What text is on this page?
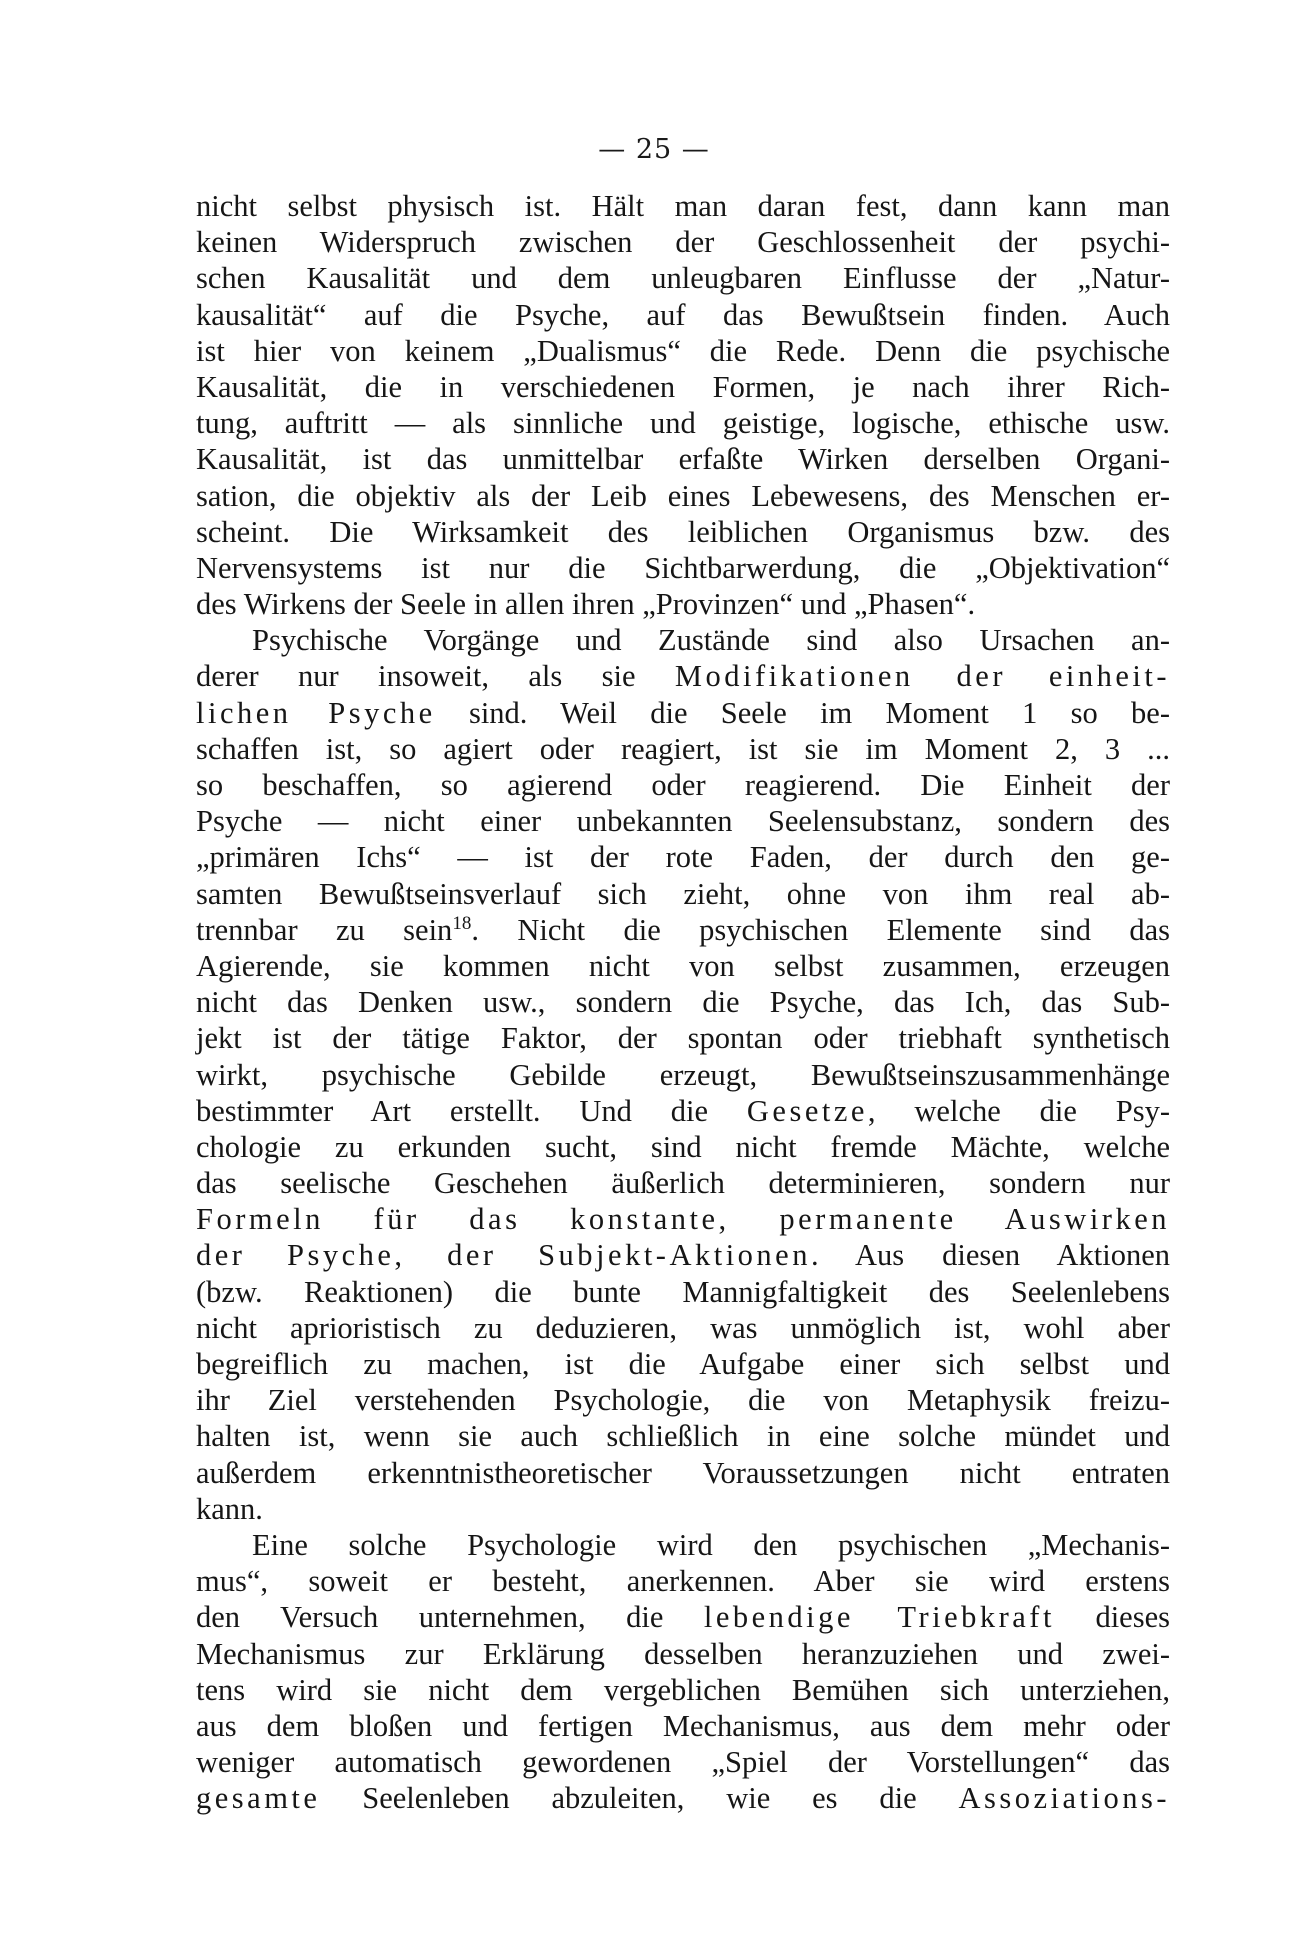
— 25 —
nicht selbst physisch ist. Hält man daran fest, dann kann man
keinen Widerspruch zwischen der Geschlossenheit der psychi-
schen Kausalität und dem unleugbaren Einflusse der „Natur-
kausalität“ auf die Psyche, auf das Bewußtsein finden. Auch
ist hier von keinem „Dualismus“ die Rede. Denn die psychische
Kausalität, die in verschiedenen Formen, je nach ihrer Rich-
tung, auftritt — als sinnliche und geistige, logische, ethische usw.
Kausalität, ist das unmittelbar erfaßte Wirken derselben Organi-
sation, die objektiv als der Leib eines Lebewesens, des Menschen er-
scheint. Die Wirksamkeit des leiblichen Organismus bzw. des
Nervensystems ist nur die Sichtbarwerdung, die „Objektivation“
des Wirkens der Seele in allen ihren „Provinzen“ und „Phasen“.
Psychische Vorgänge und Zustände sind also Ursachen an-
derer nur insoweit, als sie Modifikationen der einheit-
lichen Psyche sind. Weil die Seele im Moment 1 so be-
schaffen ist, so agiert oder reagiert, ist sie im Moment 2, 3 ...
so beschaffen, so agierend oder reagierend. Die Einheit der
Psyche — nicht einer unbekannten Seelensubstanz, sondern des
„primären Ichs“ — ist der rote Faden, der durch den ge-
samten Bewußtseinsverlauf sich zieht, ohne von ihm real ab-
trennbar zu sein$^{18}$. Nicht die psychischen Elemente sind das
Agierende, sie kommen nicht von selbst zusammen, erzeugen
nicht das Denken usw., sondern die Psyche, das Ich, das Sub-
jekt ist der tätige Faktor, der spontan oder triebhaft synthetisch
wirkt, psychische Gebilde erzeugt, Bewußtseinszusammenhänge
bestimmter Art erstellt. Und die Gesetze, welche die Psy-
chologie zu erkunden sucht, sind nicht fremde Mächte, welche
das seelische Geschehen äußerlich determinieren, sondern nur
Formeln für das konstante, permanente Auswirken
der Psyche, der Subjekt-Aktionen. Aus diesen Aktionen
(bzw. Reaktionen) die bunte Mannigfaltigkeit des Seelenlebens
nicht aprioristisch zu deduzieren, was unmöglich ist, wohl aber
begreiflich zu machen, ist die Aufgabe einer sich selbst und
ihr Ziel verstehenden Psychologie, die von Metaphysik freizu-
halten ist, wenn sie auch schließlich in eine solche mündet und
außerdem erkenntnistheoretischer Voraussetzungen nicht entraten
kann.
Eine solche Psychologie wird den psychischen „Mechanis-
mus“, soweit er besteht, anerkennen. Aber sie wird erstens
den Versuch unternehmen, die lebendige Triebkraft dieses
Mechanismus zur Erklärung desselben heranzuziehen und zwei-
tens wird sie nicht dem vergeblichen Bemühen sich unterziehen,
aus dem bloßen und fertigen Mechanismus, aus dem mehr oder
weniger automatisch gewordenen „Spiel der Vorstellungen“ das
gesamte Seelenleben abzuleiten, wie es die Assoziations-
